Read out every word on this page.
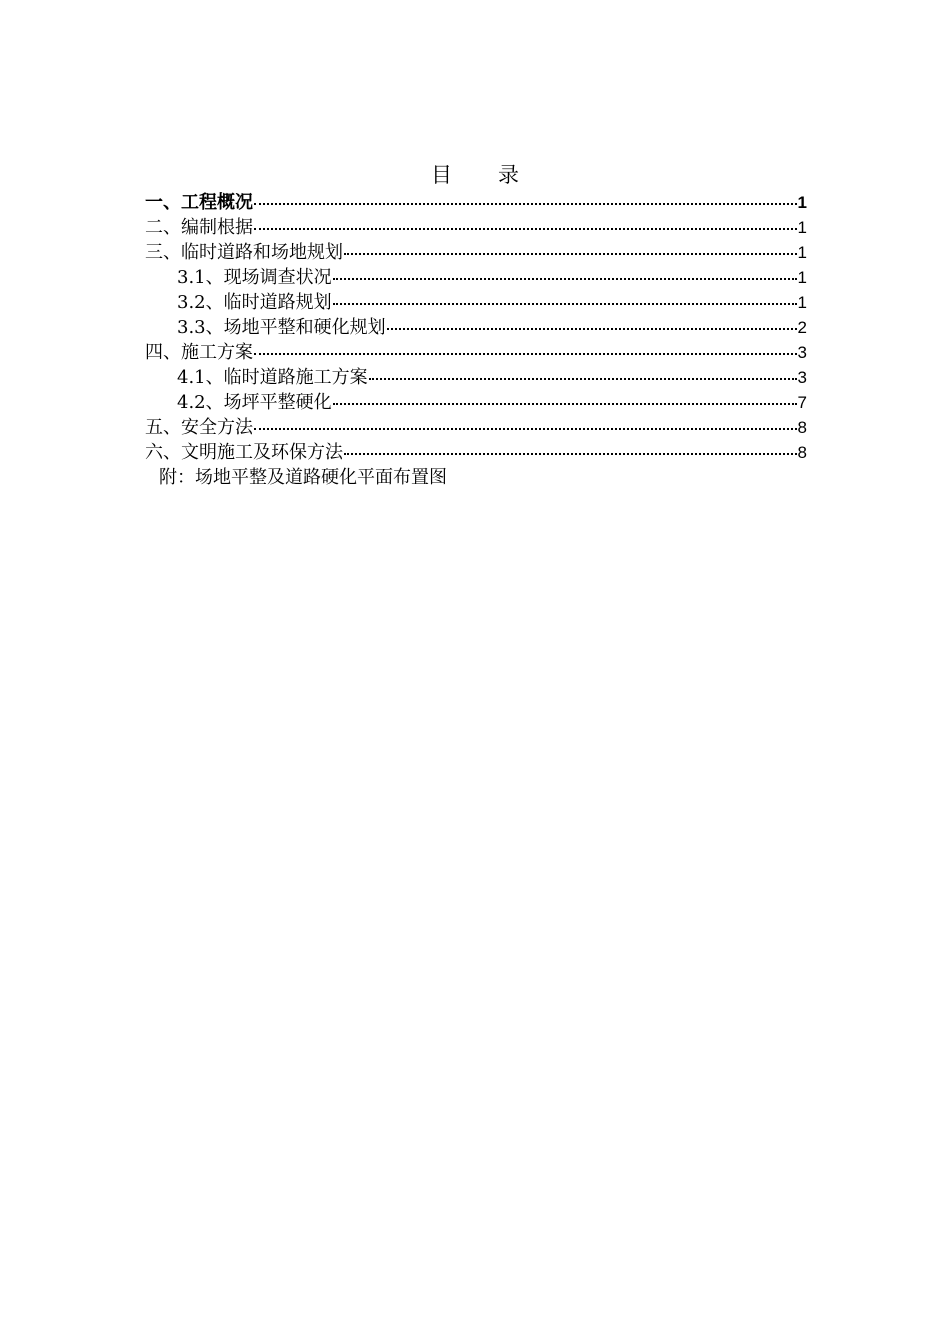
目 录
一、工程概况	1
二、编制根据	1
三、临时道路和场地规划	1
3.1、现场调查状况	1
3.2、临时道路规划	1
3.3、场地平整和硬化规划	2
四、施工方案	3
4.1、临时道路施工方案	3
4.2、场坪平整硬化	7
五、安全方法	8
六、文明施工及环保方法	8
附：场地平整及道路硬化平面布置图
